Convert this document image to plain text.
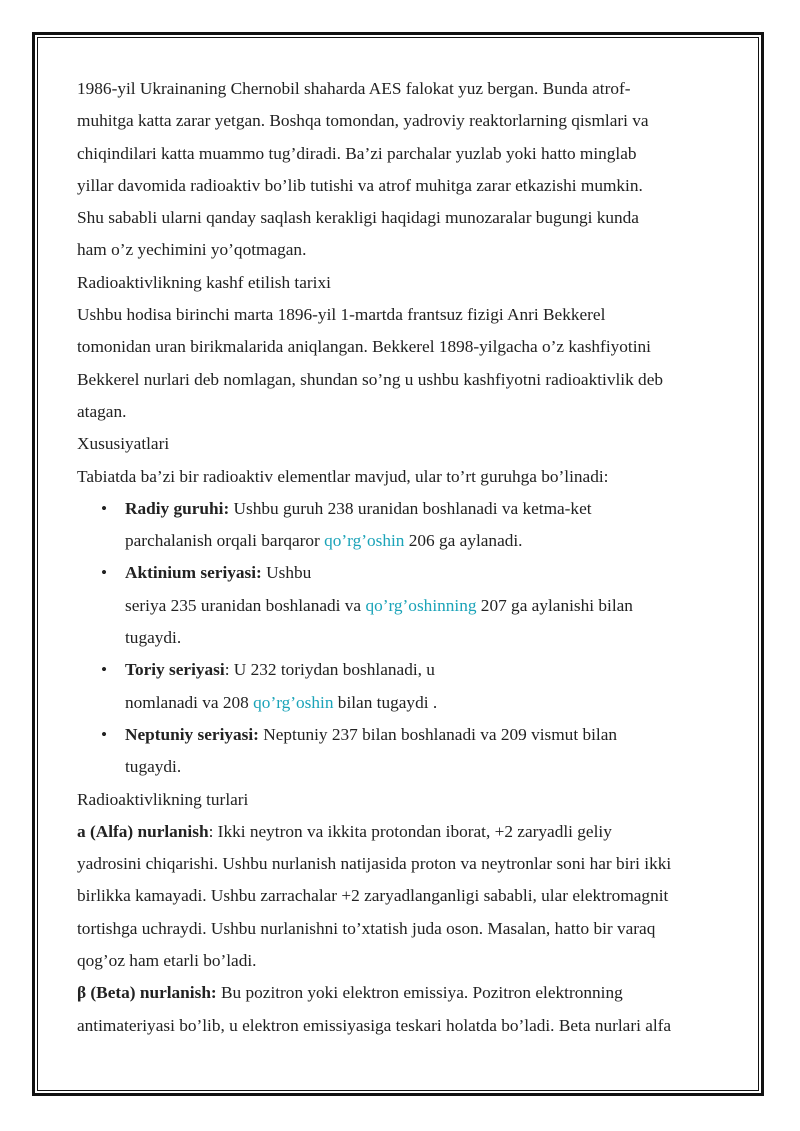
1986-yil Ukrainaning Chernobil shaharda AES falokat yuz bergan. Bunda atrof-
muhitga katta zarar yetgan. Boshqa tomondan, yadroviy reaktorlarning qismlari va
chiqindilari katta muammo tug’diradi. Ba’zi parchalar yuzlab yoki hatto minglab
yillar davomida radioaktiv bo’lib tutishi va atrof muhitga zarar etkazishi mumkin.
Shu sababli ularni qanday saqlash kerakligi haqidagi munozaralar bugungi kunda
ham o’z yechimini yo’qotmagan.

Radioaktivlikning kashf etilish tarixi

Ushbu hodisa birinchi marta 1896-yil 1-martda frantsuz fizigi Anri Bekkerel
tomonidan uran birikmalarida aniqlangan. Bekkerel 1898-yilgacha o’z kashfiyotini
Bekkerel nurlari deb nomlagan, shundan so’ng u ushbu kashfiyotni radioaktivlik deb
atagan.

Xususiyatlari

Tabiatda ba’zi bir radioaktiv elementlar mavjud, ular to’rt guruhga bo’linadi:

• Radiy guruhi: Ushbu guruh 238 uranidan boshlanadi va ketma-ket
parchalanish orqali barqaror qo’rg’oshin 206 ga aylanadi.
• Aktinium seriyasi: Ushbu
seriya 235 uranidan boshlanadi va qo’rg’oshinning 207 ga aylanishi bilan
tugaydi.
• Toriy seriyasi: U 232 toriydan boshlanadi, u
nomlanadi va 208 qo’rg’oshin bilan tugaydi .
• Neptuniy seriyasi: Neptuniy 237 bilan boshlanadi va 209 vismut bilan
tugaydi.

Radioaktivlikning turlari

a (Alfa) nurlanish: Ikki neytron va ikkita protondan iborat, +2 zaryadli geliy
yadrosini chiqarishi. Ushbu nurlanish natijasida proton va neytronlar soni har biri ikki
birlikka kamayadi. Ushbu zarrachalar +2 zaryadlanganligi sababli, ular elektromagnit
tortishga uchraydi. Ushbu nurlanishni to’xtatish juda oson. Masalan, hatto bir varaq
qog’oz ham etarli bo’ladi.

β (Beta) nurlanish: Bu pozitron yoki elektron emissiya. Pozitron elektronning
antimateriyasi bo’lib, u elektron emissiyasiga teskari holatda bo’ladi. Beta nurlari alfa
